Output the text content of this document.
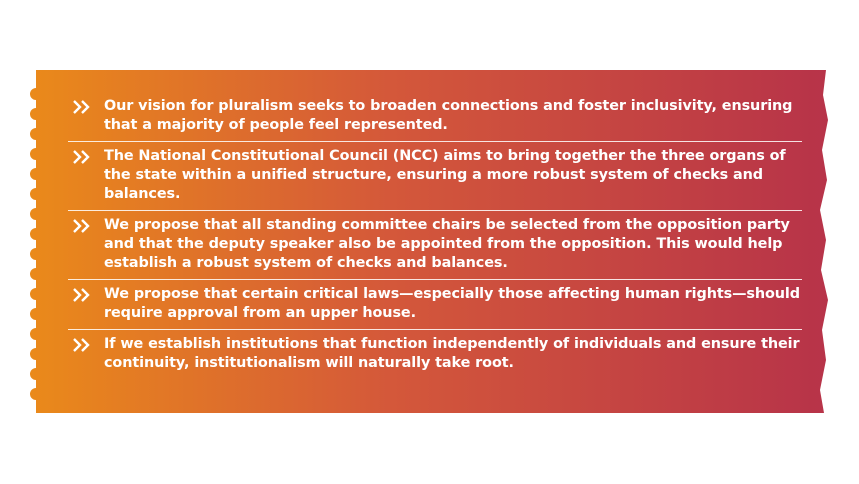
Our vision for pluralism seeks to broaden connections and foster inclusivity, ensuring that a majority of people feel represented.
The National Constitutional Council (NCC) aims to bring together the three organs of the state within a unified structure, ensuring a more robust system of checks and balances.
We propose that all standing committee chairs be selected from the opposition party and that the deputy speaker also be appointed from the opposition. This would help establish a robust system of checks and balances.
We propose that certain critical laws—especially those affecting human rights—should require approval from an upper house.
If we establish institutions that function independently of individuals and ensure their continuity, institutionalism will naturally take root.
